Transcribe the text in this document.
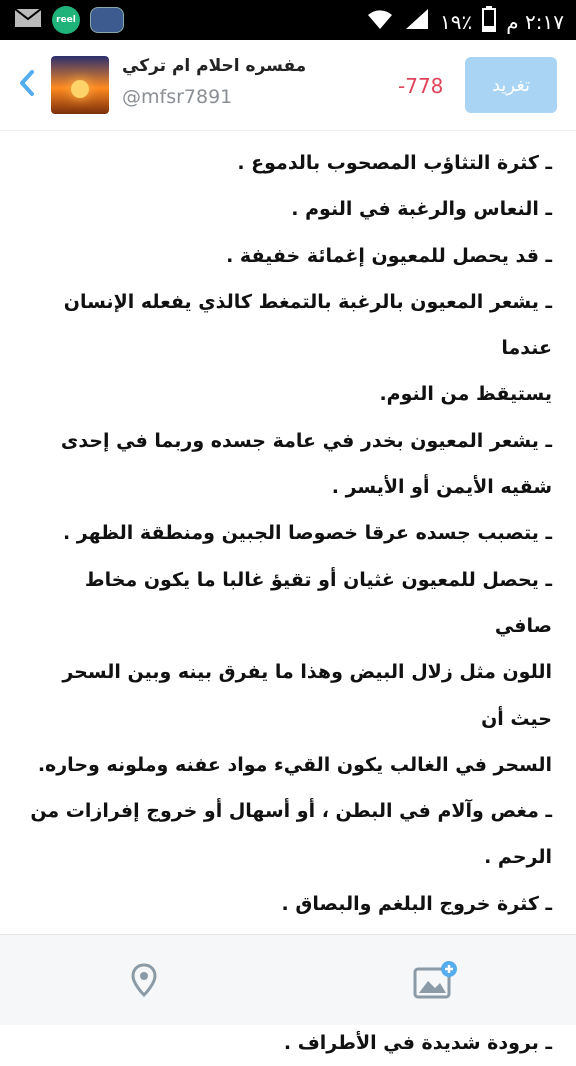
reel	١٩٪ ٢:١٧ م
مفسره احلام ام تركي
@mfsr7891	-778	تغريد

ـ كثرة التثاؤب المصحوب بالدموع .

ـ النعاس والرغبة في النوم .

ـ قد يحصل للمعيون إغمائة خفيفة .

ـ يشعر المعيون بالرغبة بالتمغط كالذي يفعله الإنسان عندما

يستيقظ من النوم.

ـ يشعر المعيون بخدر في عامة جسده وربما في إحدى

شقيه الأيمن أو الأيسر .

ـ يتصبب جسده عرقا خصوصا الجبين ومنطقة الظهر .

ـ يحصل للمعيون غثيان أو تقيؤ غالبا ما يكون مخاط صافي

اللون مثل زلال البيض وهذا ما يفرق بينه وبين السحر حيث أن

السحر في الغالب يكون القيء مواد عفنه وملونه وحاره.

ـ مغص وآلام في البطن ، أو أسهال أو خروج إفرازات من

الرحم .

ـ كثرة خروج البلغم والبصاق .

ـ برودة شديدة في الأطراف .
